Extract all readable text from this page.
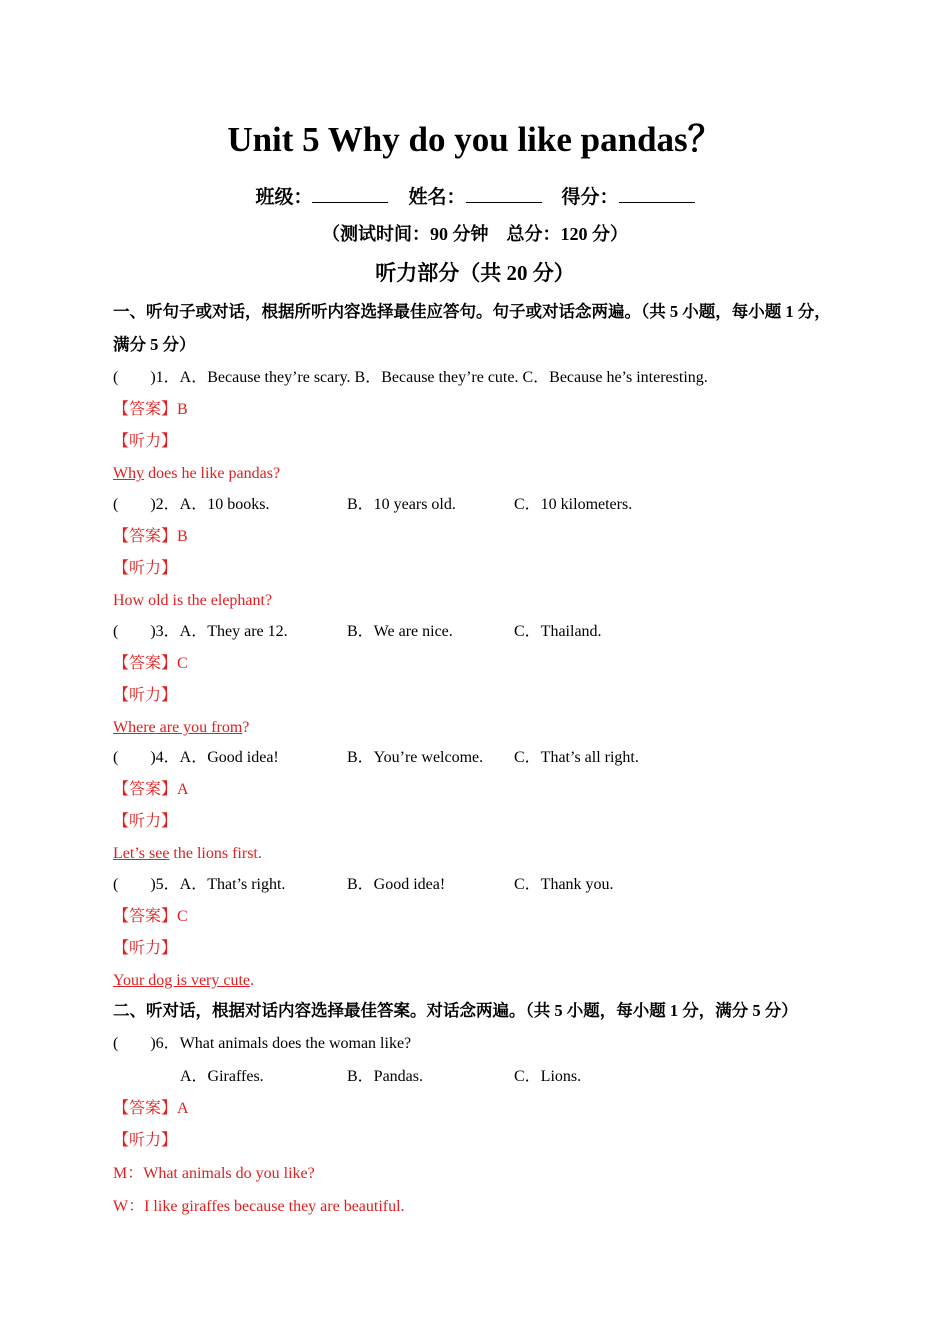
Unit 5 Why do you like pandas？
班级：	姓名：	得分：
（测试时间：90 分钟　总分：120 分）
听力部分（共 20 分）
一、听句子或对话，根据所听内容选择最佳应答句。句子或对话念两遍。（共 5 小题，每小题 1 分，
满分 5 分）
(　　)1．A．Because they’re scary. B．Because they’re cute. C．Because he’s interesting.
【答案】B
【听力】
Why does he like pandas?
(　　)2．A．10 books.	B．10 years old.	C．10 kilometers.
【答案】B
【听力】
How old is the elephant?
(　　)3．A．They are 12.	B．We are nice.	C．Thailand.
【答案】C
【听力】
Where are you from?
(　　)4．A．Good idea!	B．You’re welcome. C．That’s all right.
【答案】A
【听力】
Let’s see the lions first.
(　　)5．A．That’s right.	B．Good idea!	C．Thank you.
【答案】C
【听力】
Your dog is very cute.
二、听对话，根据对话内容选择最佳答案。对话念两遍。（共 5 小题，每小题 1 分，满分 5 分）
(　　)6．What animals does the woman like?
A．Giraffes.	B．Pandas.	C．Lions.
【答案】A
【听力】
M：What animals do you like?
W：I like giraffes because they are beautiful.
